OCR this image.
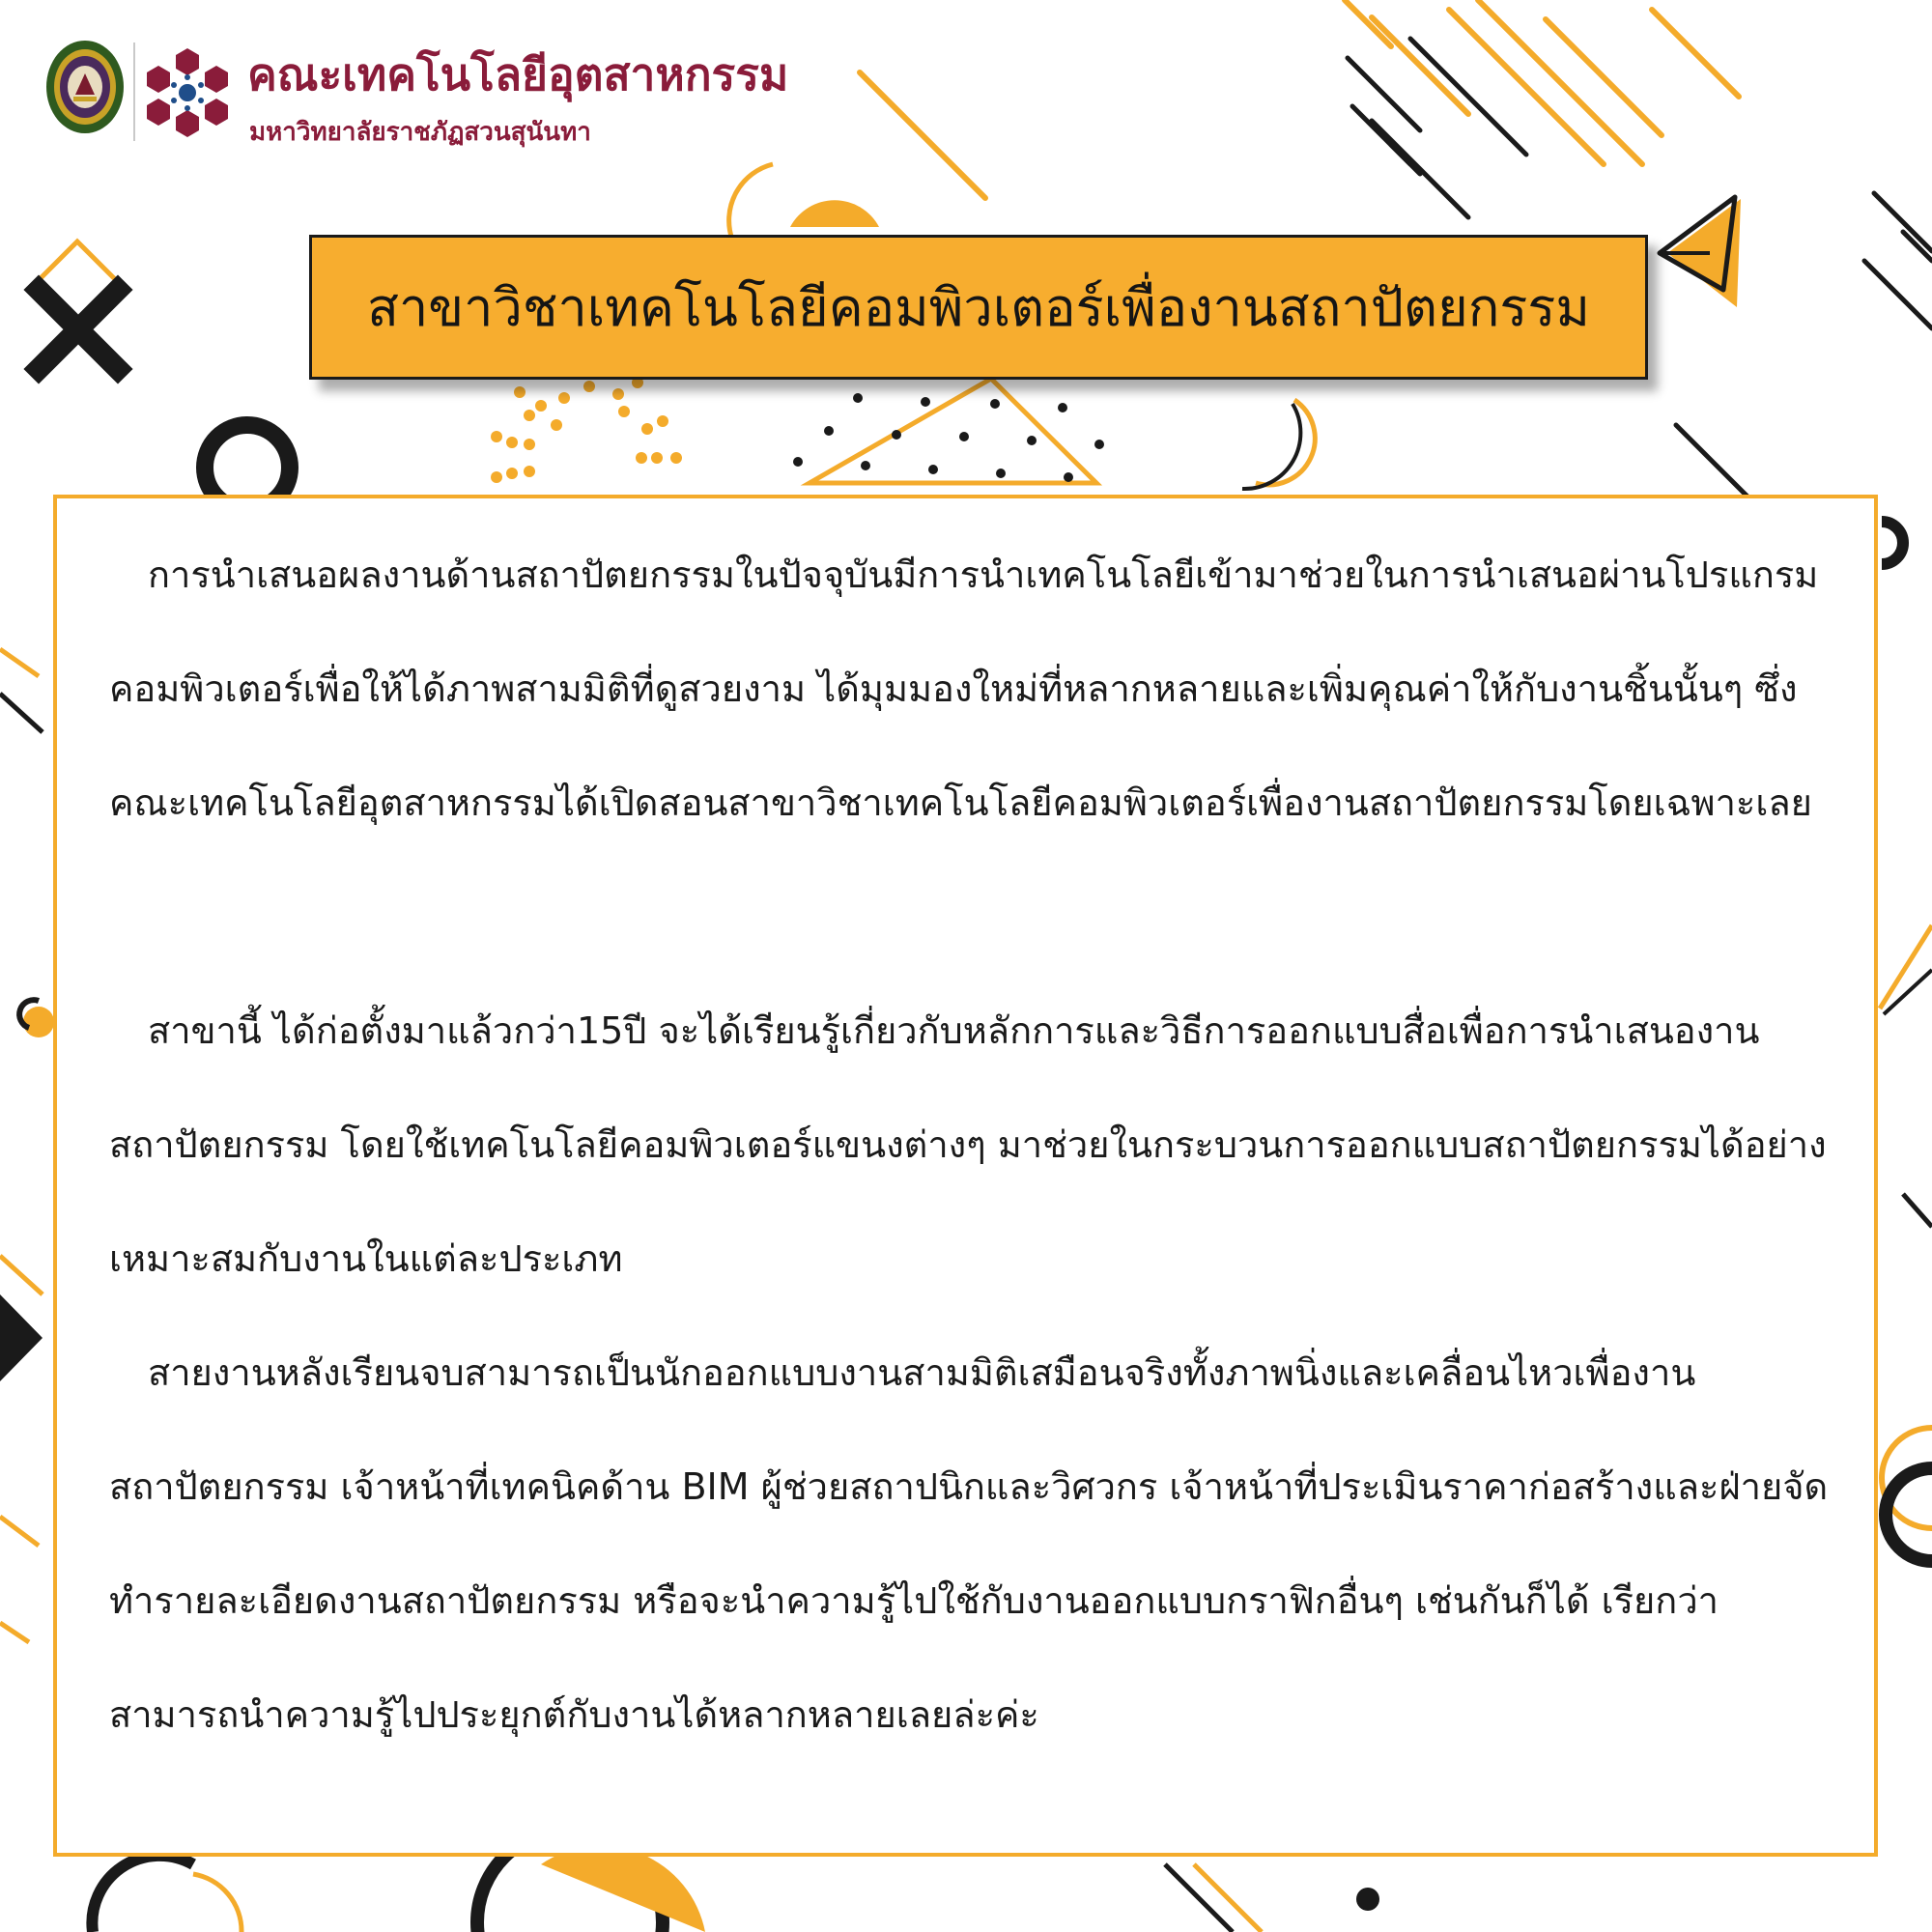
คณะเทคโนโลยีอุตสาหกรรม
มหาวิทยาลัยราชภัฏสวนสุนันทา
สาขาวิชาเทคโนโลยีคอมพิวเตอร์เพื่องานสถาปัตยกรรม

การนำเสนอผลงานด้านสถาปัตยกรรมในปัจจุบันมีการนำเทคโนโลยีเข้ามาช่วยในการนำเสนอผ่านโปรแกรมคอมพิวเตอร์เพื่อให้ได้ภาพสามมิติที่ดูสวยงาม ได้มุมมองใหม่ที่หลากหลายและเพิ่มคุณค่าให้กับงานชิ้นนั้นๆ ซึ่งคณะเทคโนโลยีอุตสาหกรรมได้เปิดสอนสาขาวิชาเทคโนโลยีคอมพิวเตอร์เพื่องานสถาปัตยกรรมโดยเฉพาะเลย

สาขานี้ ได้ก่อตั้งมาแล้วกว่า15ปี จะได้เรียนรู้เกี่ยวกับหลักการและวิธีการออกแบบสื่อเพื่อการนำเสนองานสถาปัตยกรรม โดยใช้เทคโนโลยีคอมพิวเตอร์แขนงต่างๆ มาช่วยในกระบวนการออกแบบสถาปัตยกรรมได้อย่างเหมาะสมกับงานในแต่ละประเภท

สายงานหลังเรียนจบสามารถเป็นนักออกแบบงานสามมิติเสมือนจริงทั้งภาพนิ่งและเคลื่อนไหวเพื่องานสถาปัตยกรรม เจ้าหน้าที่เทคนิคด้าน BIM ผู้ช่วยสถาปนิกและวิศวกร เจ้าหน้าที่ประเมินราคาก่อสร้างและฝ่ายจัดทำรายละเอียดงานสถาปัตยกรรม หรือจะนำความรู้ไปใช้กับงานออกแบบกราฟิกอื่นๆ เช่นกันก็ได้ เรียกว่าสามารถนำความรู้ไปประยุกต์กับงานได้หลากหลายเลยล่ะค่ะ
